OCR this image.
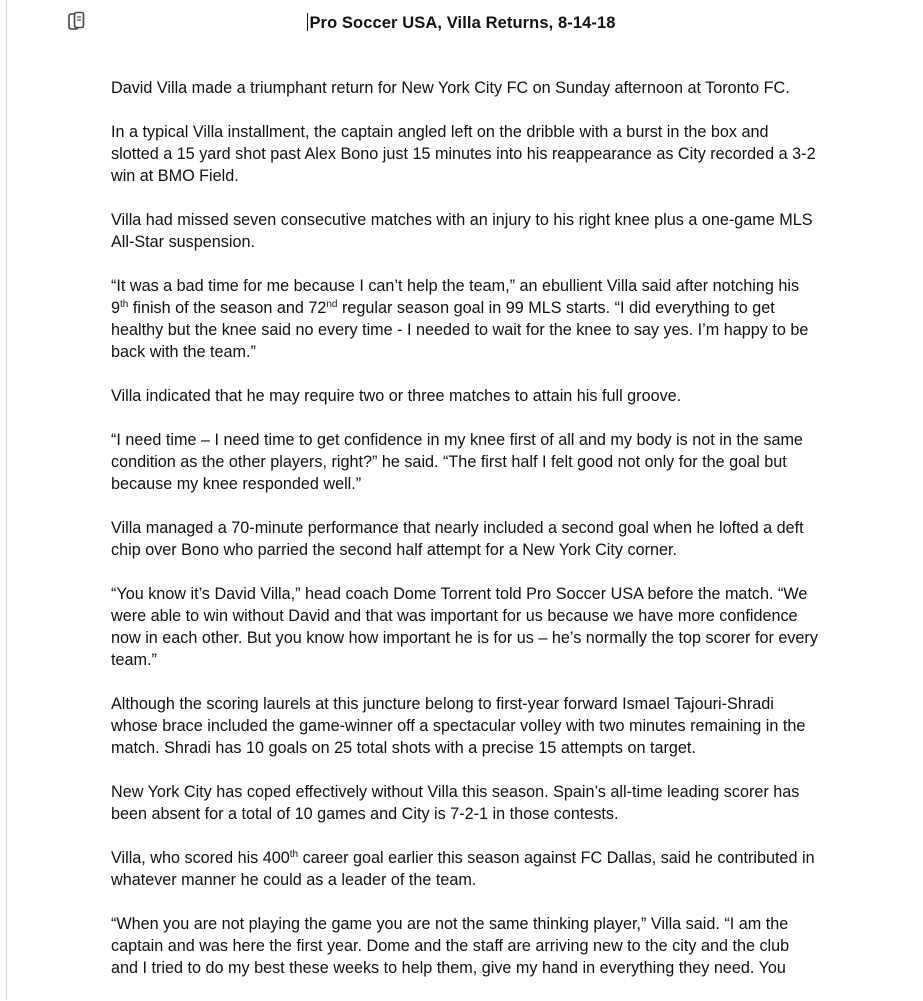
Pro Soccer USA, Villa Returns, 8-14-18

David Villa made a triumphant return for New York City FC on Sunday afternoon at Toronto FC.

In a typical Villa installment, the captain angled left on the dribble with a burst in the box and slotted a 15 yard shot past Alex Bono just 15 minutes into his reappearance as City recorded a 3-2 win at BMO Field.

Villa had missed seven consecutive matches with an injury to his right knee plus a one-game MLS All-Star suspension.

“It was a bad time for me because I can’t help the team,” an ebullient Villa said after notching his 9th finish of the season and 72nd regular season goal in 99 MLS starts. “I did everything to get healthy but the knee said no every time - I needed to wait for the knee to say yes. I’m happy to be back with the team.”

Villa indicated that he may require two or three matches to attain his full groove.

“I need time – I need time to get confidence in my knee first of all and my body is not in the same condition as the other players, right?” he said. “The first half I felt good not only for the goal but because my knee responded well.”

Villa managed a 70-minute performance that nearly included a second goal when he lofted a deft chip over Bono who parried the second half attempt for a New York City corner.

“You know it’s David Villa,” head coach Dome Torrent told Pro Soccer USA before the match. “We were able to win without David and that was important for us because we have more confidence now in each other. But you know how important he is for us – he’s normally the top scorer for every team.”

Although the scoring laurels at this juncture belong to first-year forward Ismael Tajouri-Shradi whose brace included the game-winner off a spectacular volley with two minutes remaining in the match. Shradi has 10 goals on 25 total shots with a precise 15 attempts on target.

New York City has coped effectively without Villa this season. Spain’s all-time leading scorer has been absent for a total of 10 games and City is 7-2-1 in those contests.

Villa, who scored his 400th career goal earlier this season against FC Dallas, said he contributed in whatever manner he could as a leader of the team.

“When you are not playing the game you are not the same thinking player,” Villa said. “I am the captain and was here the first year. Dome and the staff are arriving new to the city and the club and I tried to do my best these weeks to help them, give my hand in everything they need. You
